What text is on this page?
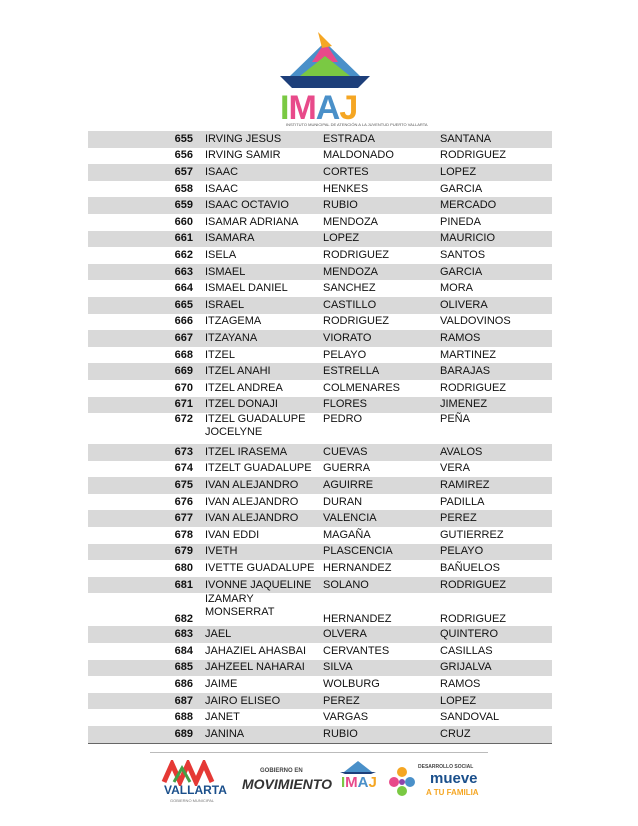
IMAJ
INSTITUTO MUNICIPAL DE ATENCIÓN A LA JUVENTUD PUERTO VALLARTA
655	IRVING JESUS	ESTRADA	SANTANA
656	IRVING SAMIR	MALDONADO	RODRIGUEZ
657	ISAAC	CORTES	LOPEZ
658	ISAAC	HENKES	GARCIA
659	ISAAC OCTAVIO	RUBIO	MERCADO
660	ISAMAR ADRIANA	MENDOZA	PINEDA
661	ISAMARA	LOPEZ	MAURICIO
662	ISELA	RODRIGUEZ	SANTOS
663	ISMAEL	MENDOZA	GARCIA
664	ISMAEL DANIEL	SANCHEZ	MORA
665	ISRAEL	CASTILLO	OLIVERA
666	ITZAGEMA	RODRIGUEZ	VALDOVINOS
667	ITZAYANA	VIORATO	RAMOS
668	ITZEL	PELAYO	MARTINEZ
669	ITZEL ANAHI	ESTRELLA	BARAJAS
670	ITZEL ANDREA	COLMENARES	RODRIGUEZ
671	ITZEL DONAJI	FLORES	JIMENEZ
672	ITZEL GUADALUPE JOCELYNE	PEDRO	PEÑA
673	ITZEL IRASEMA	CUEVAS	AVALOS
674	ITZELT GUADALUPE	GUERRA	VERA
675	IVAN ALEJANDRO	AGUIRRE	RAMIREZ
676	IVAN ALEJANDRO	DURAN	PADILLA
677	IVAN ALEJANDRO	VALENCIA	PEREZ
678	IVAN EDDI	MAGAÑA	GUTIERREZ
679	IVETH	PLASCENCIA	PELAYO
680	IVETTE GUADALUPE	HERNANDEZ	BAÑUELOS
681	IVONNE JAQUELINE	SOLANO	RODRIGUEZ
682	IZAMARY MONSERRAT	HERNANDEZ	RODRIGUEZ
683	JAEL	OLVERA	QUINTERO
684	JAHAZIEL AHASBAI	CERVANTES	CASILLAS
685	JAHZEEL NAHARAI	SILVA	GRIJALVA
686	JAIME	WOLBURG	RAMOS
687	JAIRO ELISEO	PEREZ	LOPEZ
688	JANET	VARGAS	SANDOVAL
689	JANINA	RUBIO	CRUZ
VALLARTA
GOBIERNO MUNICIPAL
GOBIERNO EN
MOVIMIENTO IMAJ
DESARROLLO SOCIAL
mueve
A TU FAMILIA
